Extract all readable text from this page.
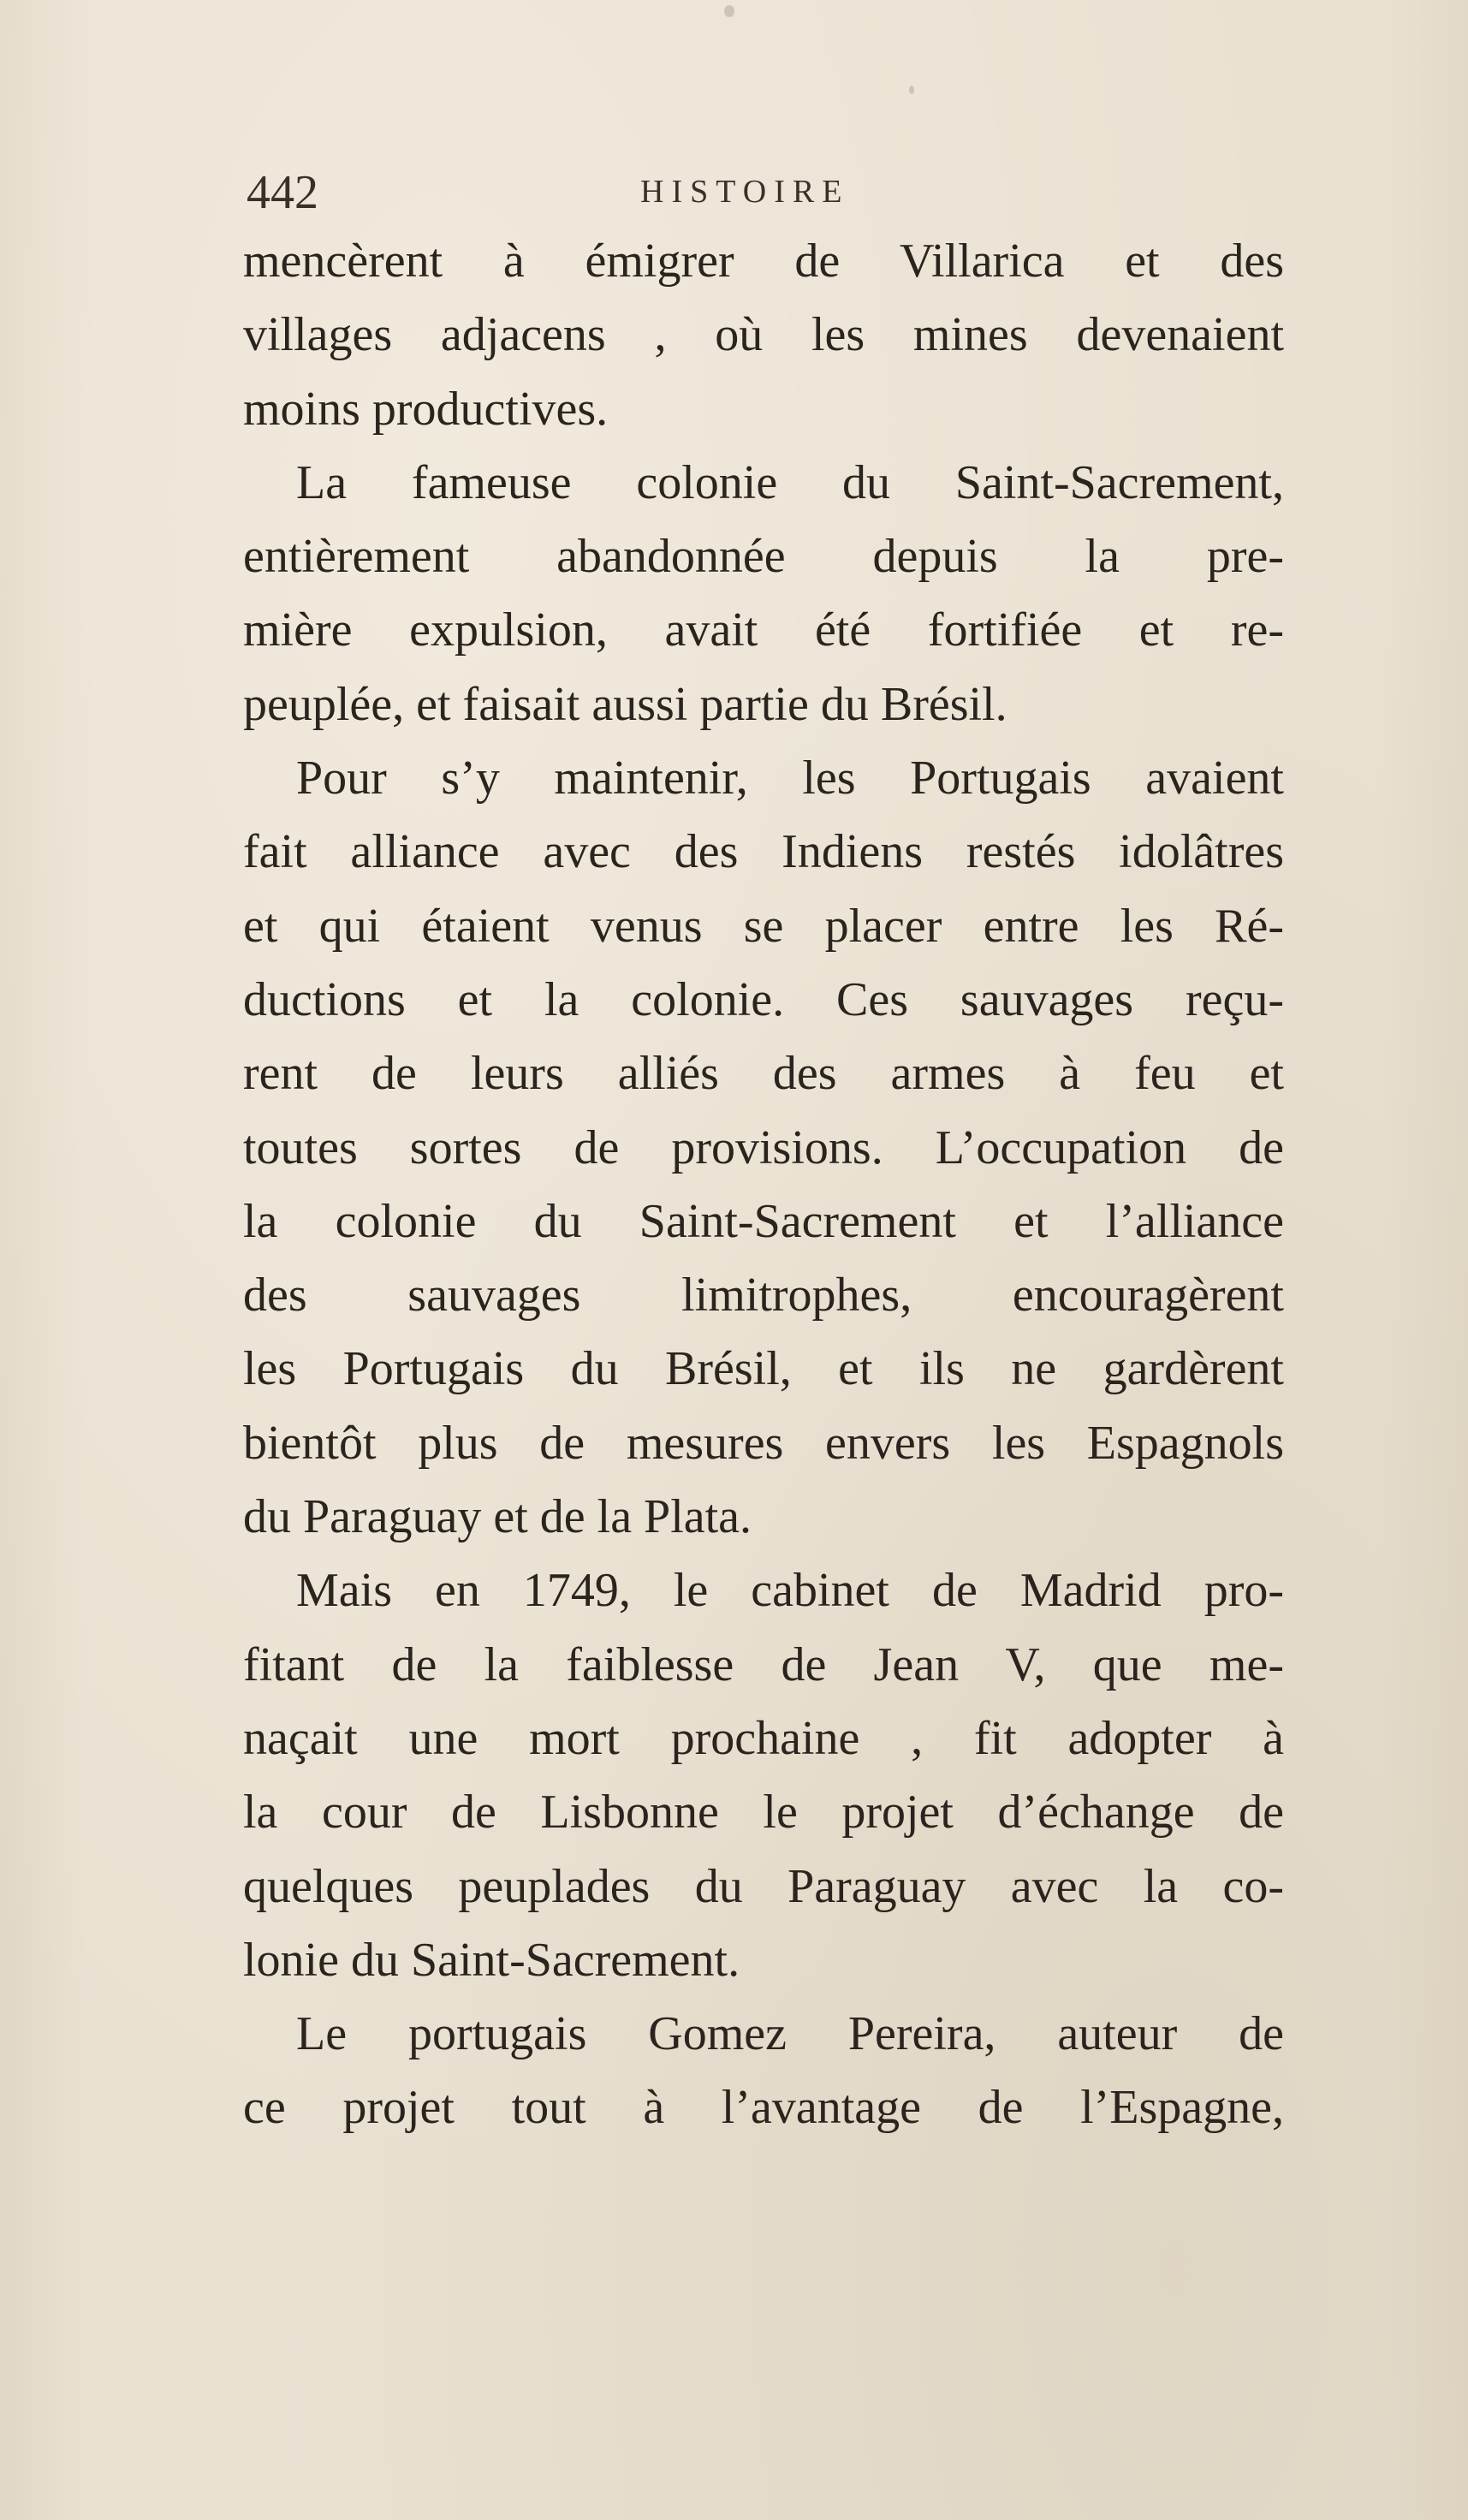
442	HISTOIRE
mencèrent à émigrer de Villarica et des
villages adjacens , où les mines devenaient
moins productives.
La fameuse colonie du Saint-Sacrement,
entièrement abandonnée depuis la pre-
mière expulsion, avait été fortifiée et re-
peuplée, et faisait aussi partie du Brésil.
Pour s’y maintenir, les Portugais avaient
fait alliance avec des Indiens restés idolâtres
et qui étaient venus se placer entre les Ré-
ductions et la colonie. Ces sauvages reçu-
rent de leurs alliés des armes à feu et
toutes sortes de provisions. L’occupation de
la colonie du Saint-Sacrement et l’alliance
des sauvages limitrophes, encouragèrent
les Portugais du Brésil, et ils ne gardèrent
bientôt plus de mesures envers les Espagnols
du Paraguay et de la Plata.
Mais en 1749, le cabinet de Madrid pro-
fitant de la faiblesse de Jean V, que me-
naçait une mort prochaine , fit adopter à
la cour de Lisbonne le projet d’échange de
quelques peuplades du Paraguay avec la co-
lonie du Saint-Sacrement.
Le portugais Gomez Pereira, auteur de
ce projet tout à l’avantage de l’Espagne,
